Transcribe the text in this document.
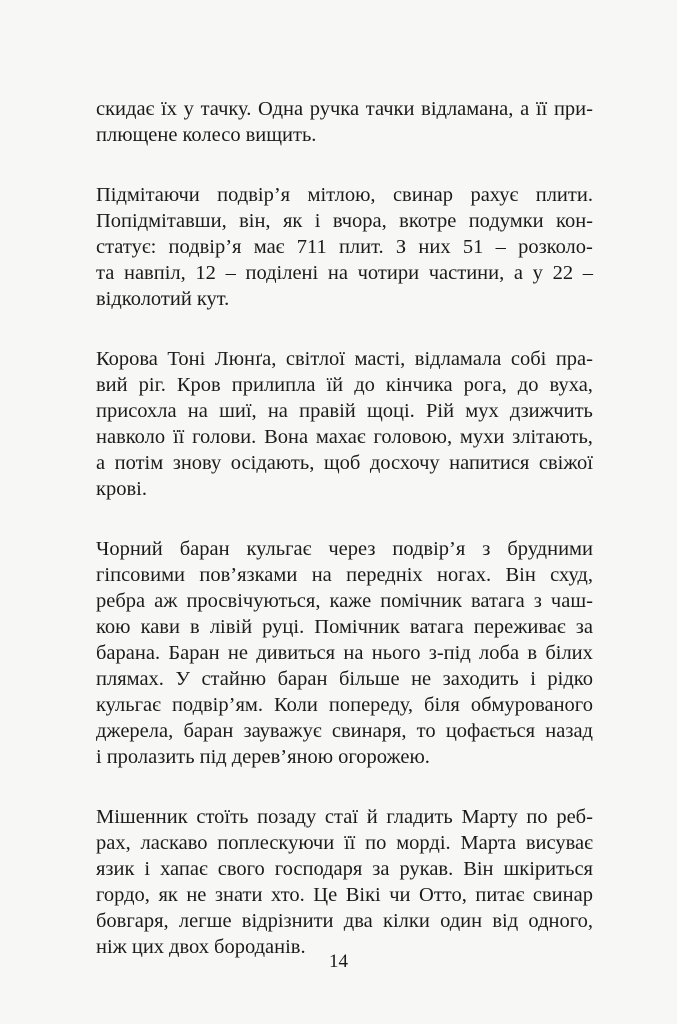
скидає їх у тачку. Одна ручка тачки відламана, а її при-
плющене колесо вищить.
Підмітаючи подвір’я мітлою, свинар рахує плити.
Попідмітавши, він, як і вчора, вкотре подумки кон-
статує: подвір’я має 711 плит. З них 51 – розколо-
та навпіл, 12 – поділені на чотири частини, а у 22 –
відколотий кут.
Корова Тоні Люнґа, світлої масті, відламала собі пра-
вий ріг. Кров прилипла їй до кінчика рога, до вуха,
присохла на шиї, на правій щоці. Рій мух дзижчить
навколо її голови. Вона махає головою, мухи злітають,
а потім знову осідають, щоб досхочу напитися свіжої
крові.
Чорний баран кульгає через подвір’я з брудними
гіпсовими пов’язками на передніх ногах. Він схуд,
ребра аж просвічуються, каже помічник ватага з чаш-
кою кави в лівій руці. Помічник ватага переживає за
барана. Баран не дивиться на нього з-під лоба в білих
плямах. У стайню баран більше не заходить і рідко
кульгає подвір’ям. Коли попереду, біля обмурованого
джерела, баран зауважує свинаря, то цофається назад
і пролазить під дерев’яною огорожею.
Мішенник стоїть позаду стаї й гладить Марту по реб-
рах, ласкаво поплескуючи її по морді. Марта висуває
язик і хапає свого господаря за рукав. Він шкіриться
гордо, як не знати хто. Це Вікі чи Отто, питає свинар
бовгаря, легше відрізнити два кілки один від одного,
ніж цих двох бороданів.
14
